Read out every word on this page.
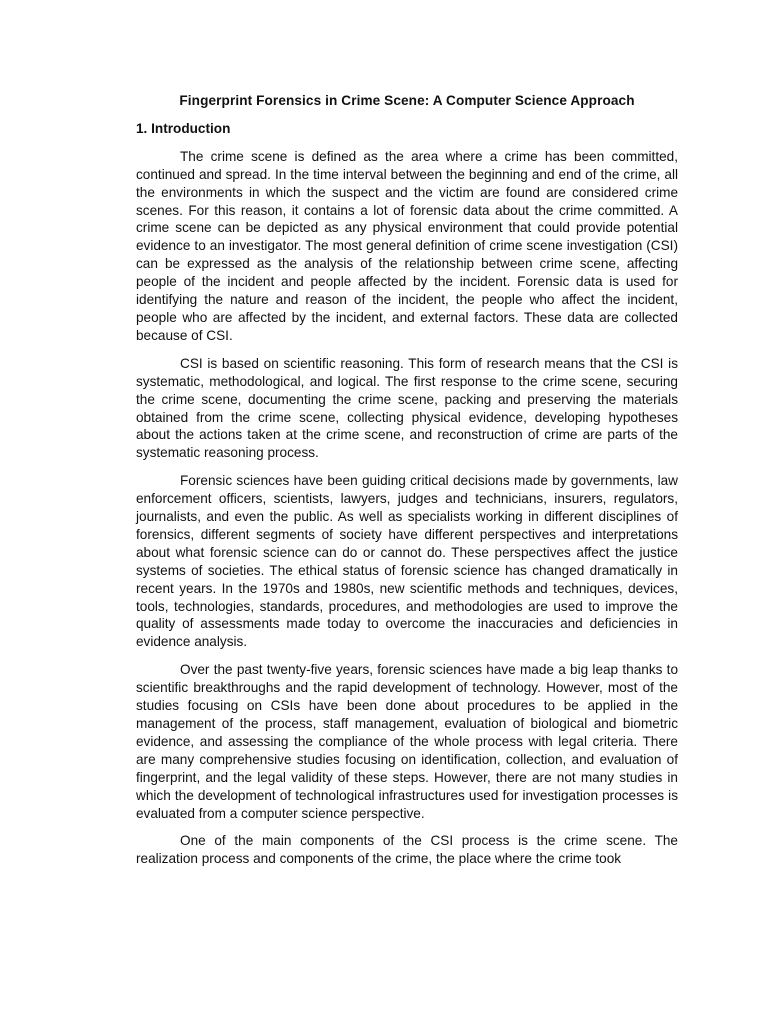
Fingerprint Forensics in Crime Scene: A Computer Science Approach
1. Introduction

The crime scene is defined as the area where a crime has been committed, continued and spread. In the time interval between the beginning and end of the crime, all the environments in which the suspect and the victim are found are considered crime scenes. For this reason, it contains a lot of forensic data about the crime committed. A crime scene can be depicted as any physical environment that could provide potential evidence to an investigator. The most general definition of crime scene investigation (CSI) can be expressed as the analysis of the relationship between crime scene, affecting people of the incident and people affected by the incident. Forensic data is used for identifying the nature and reason of the incident, the people who affect the incident, people who are affected by the incident, and external factors. These data are collected because of CSI.

CSI is based on scientific reasoning. This form of research means that the CSI is systematic, methodological, and logical. The first response to the crime scene, securing the crime scene, documenting the crime scene, packing and preserving the materials obtained from the crime scene, collecting physical evidence, developing hypotheses about the actions taken at the crime scene, and reconstruction of crime are parts of the systematic reasoning process.

Forensic sciences have been guiding critical decisions made by governments, law enforcement officers, scientists, lawyers, judges and technicians, insurers, regulators, journalists, and even the public. As well as specialists working in different disciplines of forensics, different segments of society have different perspectives and interpretations about what forensic science can do or cannot do. These perspectives affect the justice systems of societies. The ethical status of forensic science has changed dramatically in recent years. In the 1970s and 1980s, new scientific methods and techniques, devices, tools, technologies, standards, procedures, and methodologies are used to improve the quality of assessments made today to overcome the inaccuracies and deficiencies in evidence analysis.

Over the past twenty-five years, forensic sciences have made a big leap thanks to scientific breakthroughs and the rapid development of technology. However, most of the studies focusing on CSIs have been done about procedures to be applied in the management of the process, staff management, evaluation of biological and biometric evidence, and assessing the compliance of the whole process with legal criteria. There are many comprehensive studies focusing on identification, collection, and evaluation of fingerprint, and the legal validity of these steps. However, there are not many studies in which the development of technological infrastructures used for investigation processes is evaluated from a computer science perspective.

One of the main components of the CSI process is the crime scene. The realization process and components of the crime, the place where the crime took
